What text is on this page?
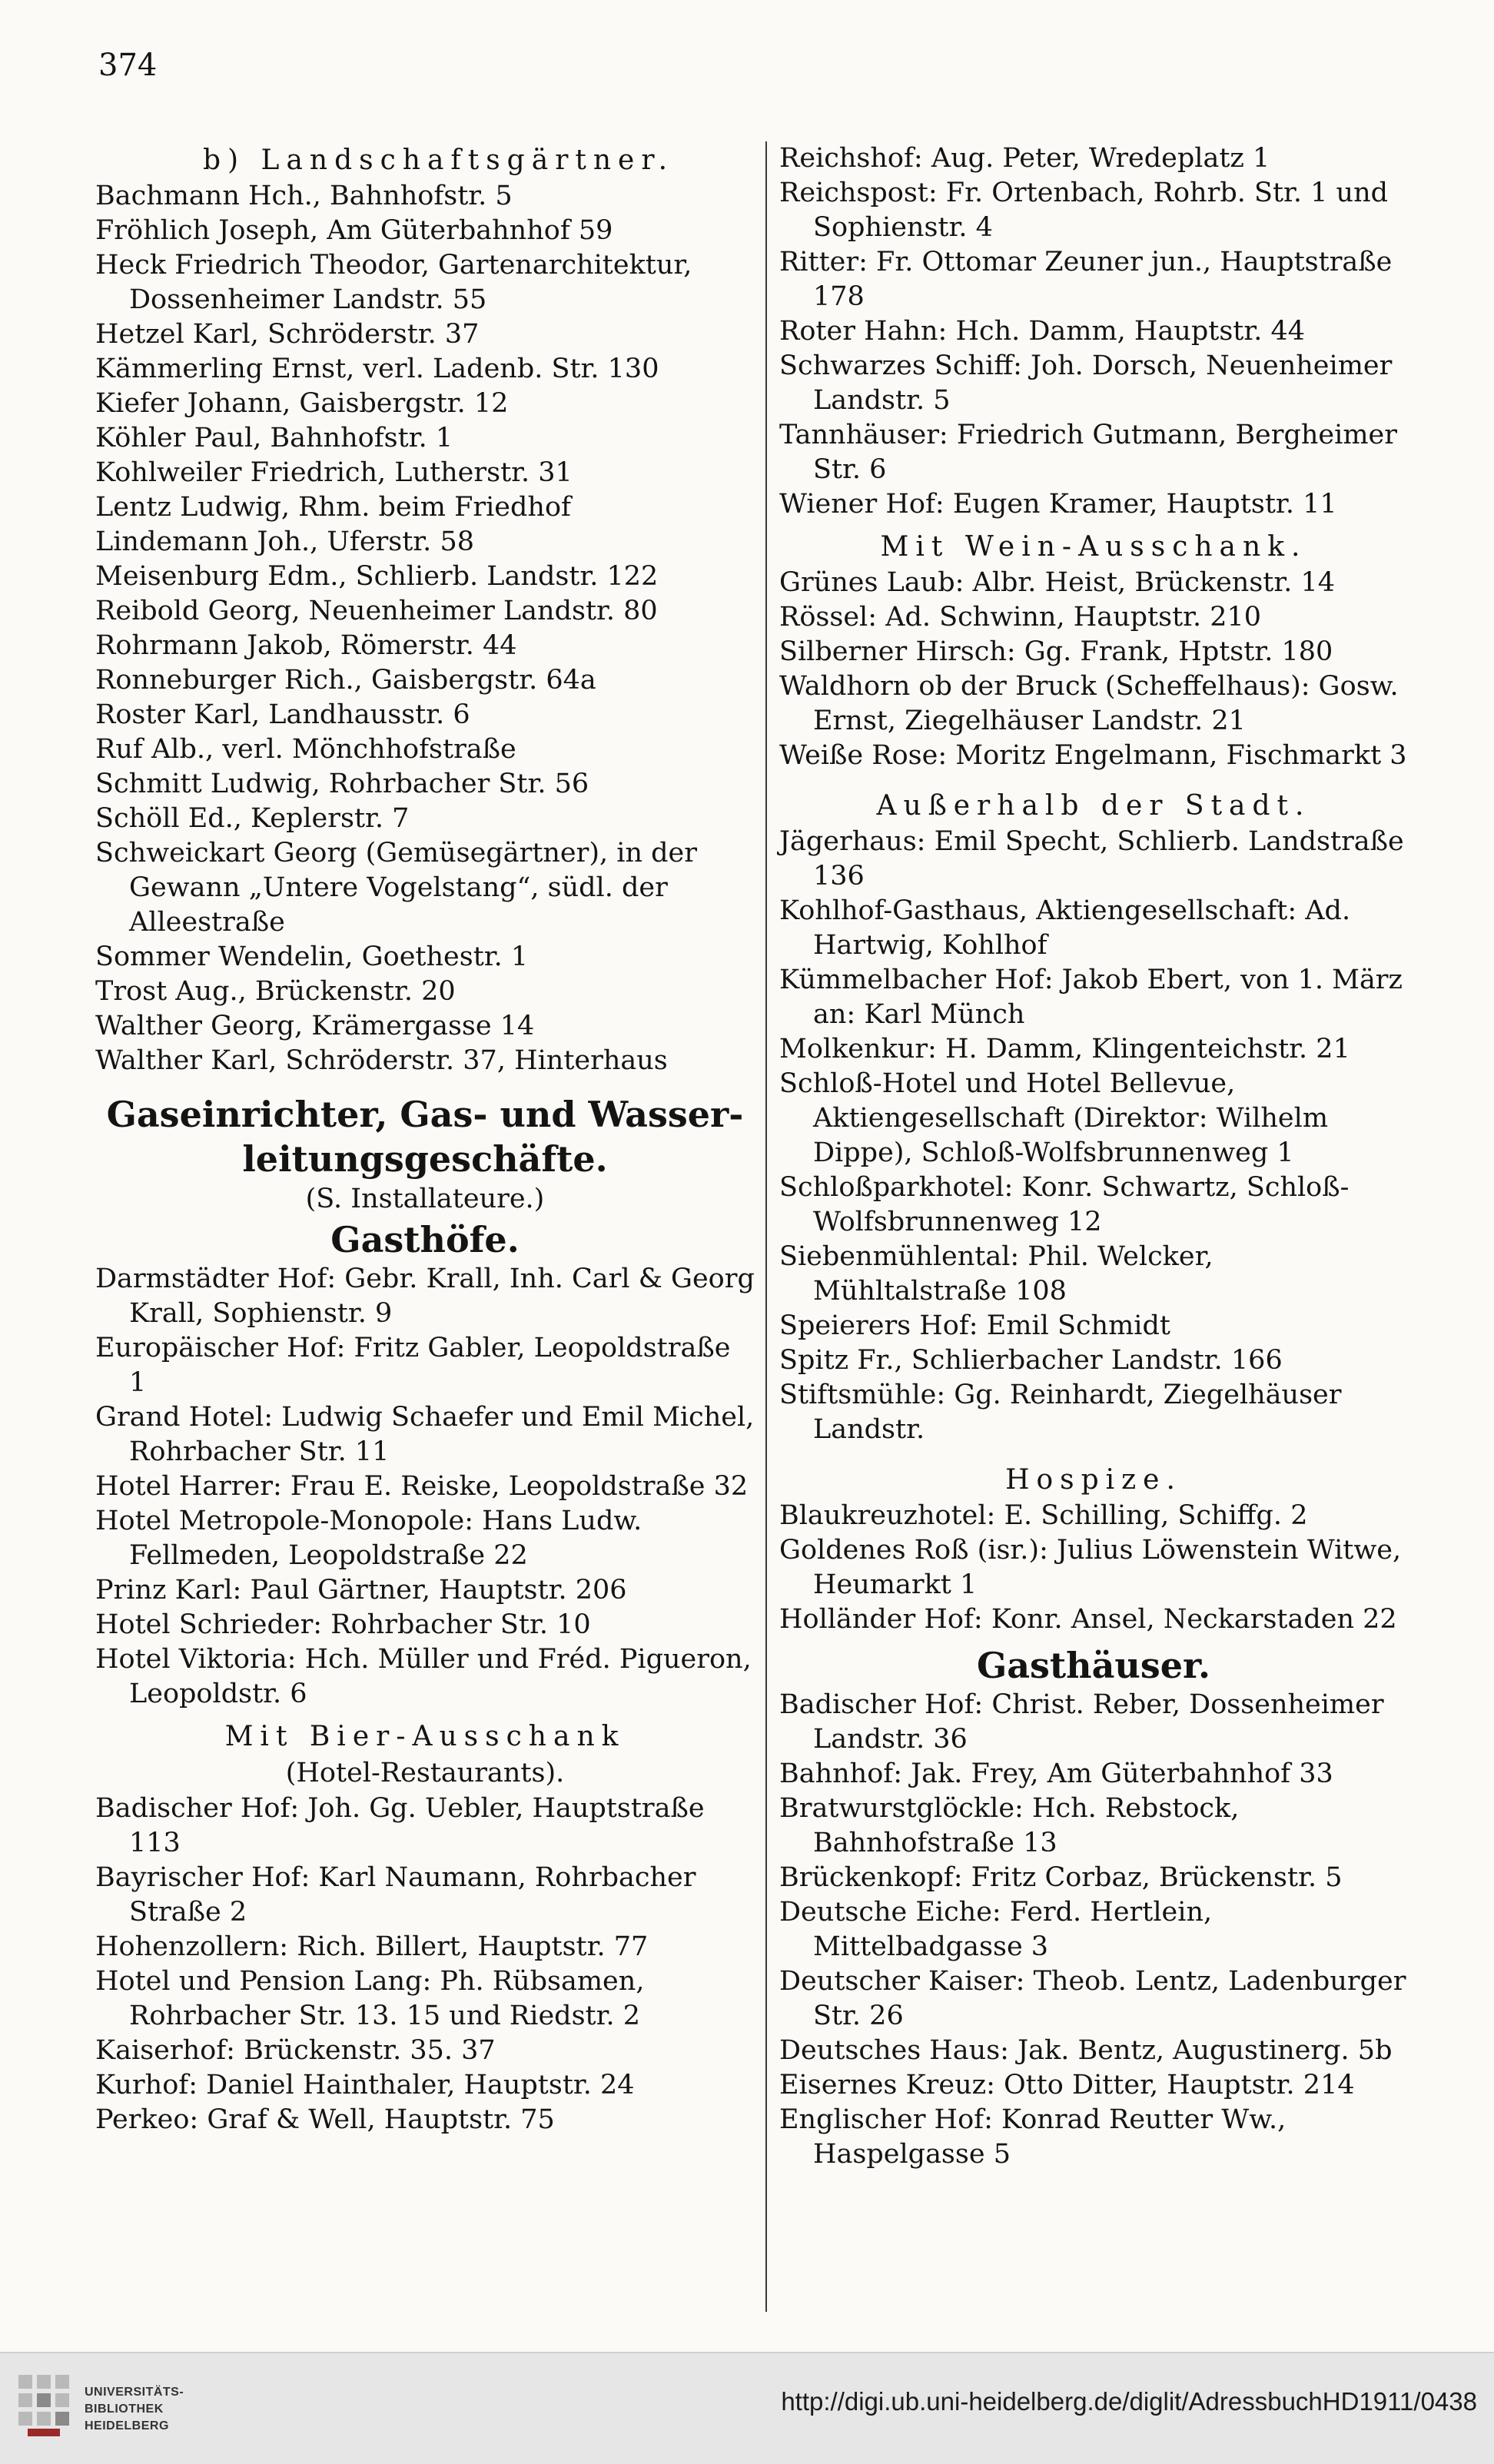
374
b) Landschaftsgärtner.
Bachmann Hch., Bahnhofstr. 5
Fröhlich Joseph, Am Güterbahnhof 59
Heck Friedrich Theodor, Gartenarchitektur, Dossenheimer Landstr. 55
Hetzel Karl, Schröderstr. 37
Kämmerling Ernst, verl. Ladenb. Str. 130
Kiefer Johann, Gaisbergstr. 12
Köhler Paul, Bahnhofstr. 1
Kohlweiler Friedrich, Lutherstr. 31
Lentz Ludwig, Rhm. beim Friedhof
Lindemann Joh., Uferstr. 58
Meisenburg Edm., Schlierb. Landstr. 122
Reibold Georg, Neuenheimer Landstr. 80
Rohrmann Jakob, Römerstr. 44
Ronneburger Rich., Gaisbergstr. 64a
Roster Karl, Landhausstr. 6
Ruf Alb., verl. Mönchhofstraße
Schmitt Ludwig, Rohrbacher Str. 56
Schöll Ed., Keplerstr. 7
Schweickart Georg (Gemüsegärtner), in der Gewann „Untere Vogelstang“, südl. der Alleestraße
Sommer Wendelin, Goethestr. 1
Trost Aug., Brückenstr. 20
Walther Georg, Krämergasse 14
Walther Karl, Schröderstr. 37, Hinterhaus
Gaseinrichter, Gas- und Wasser-
leitungsgeschäfte.
(S. Installateure.)
Gasthöfe.
Darmstädter Hof: Gebr. Krall, Inh. Carl & Georg Krall, Sophienstr. 9
Europäischer Hof: Fritz Gabler, Leopoldstraße 1
Grand Hotel: Ludwig Schaefer und Emil Michel, Rohrbacher Str. 11
Hotel Harrer: Frau E. Reiske, Leopoldstraße 32
Hotel Metropole-Monopole: Hans Ludw. Fellmeden, Leopoldstraße 22
Prinz Karl: Paul Gärtner, Hauptstr. 206
Hotel Schrieder: Rohrbacher Str. 10
Hotel Viktoria: Hch. Müller und Fréd. Pigueron, Leopoldstr. 6
Mit Bier-Ausschank
(Hotel-Restaurants).
Badischer Hof: Joh. Gg. Uebler, Hauptstraße 113
Bayrischer Hof: Karl Naumann, Rohrbacher Straße 2
Hohenzollern: Rich. Billert, Hauptstr. 77
Hotel und Pension Lang: Ph. Rübsamen, Rohrbacher Str. 13. 15 und Riedstr. 2
Kaiserhof: Brückenstr. 35. 37
Kurhof: Daniel Hainthaler, Hauptstr. 24
Perkeo: Graf & Well, Hauptstr. 75
Reichshof: Aug. Peter, Wredeplatz 1
Reichspost: Fr. Ortenbach, Rohrb. Str. 1 und Sophienstr. 4
Ritter: Fr. Ottomar Zeuner jun., Hauptstraße 178
Roter Hahn: Hch. Damm, Hauptstr. 44
Schwarzes Schiff: Joh. Dorsch, Neuenheimer Landstr. 5
Tannhäuser: Friedrich Gutmann, Bergheimer Str. 6
Wiener Hof: Eugen Kramer, Hauptstr. 11
Mit Wein-Ausschank.
Grünes Laub: Albr. Heist, Brückenstr. 14
Rössel: Ad. Schwinn, Hauptstr. 210
Silberner Hirsch: Gg. Frank, Hptstr. 180
Waldhorn ob der Bruck (Scheffelhaus): Gosw. Ernst, Ziegelhäuser Landstr. 21
Weiße Rose: Moritz Engelmann, Fischmarkt 3
Außerhalb der Stadt.
Jägerhaus: Emil Specht, Schlierb. Landstraße 136
Kohlhof-Gasthaus, Aktiengesellschaft: Ad. Hartwig, Kohlhof
Kümmelbacher Hof: Jakob Ebert, von 1. März an: Karl Münch
Molkenkur: H. Damm, Klingenteichstr. 21
Schloß-Hotel und Hotel Bellevue, Aktiengesellschaft (Direktor: Wilhelm Dippe), Schloß-Wolfsbrunnenweg 1
Schloßparkhotel: Konr. Schwartz, Schloß-Wolfsbrunnenweg 12
Siebenmühlental: Phil. Welcker, Mühltalstraße 108
Speierers Hof: Emil Schmidt
Spitz Fr., Schlierbacher Landstr. 166
Stiftsmühle: Gg. Reinhardt, Ziegelhäuser Landstr.
Hospize.
Blaukreuzhotel: E. Schilling, Schiffg. 2
Goldenes Roß (isr.): Julius Löwenstein Witwe, Heumarkt 1
Holländer Hof: Konr. Ansel, Neckarstaden 22
Gasthäuser.
Badischer Hof: Christ. Reber, Dossenheimer Landstr. 36
Bahnhof: Jak. Frey, Am Güterbahnhof 33
Bratwurstglöckle: Hch. Rebstock, Bahnhofstraße 13
Brückenkopf: Fritz Corbaz, Brückenstr. 5
Deutsche Eiche: Ferd. Hertlein, Mittelbadgasse 3
Deutscher Kaiser: Theob. Lentz, Ladenburger Str. 26
Deutsches Haus: Jak. Bentz, Augustinerg. 5b
Eisernes Kreuz: Otto Ditter, Hauptstr. 214
Englischer Hof: Konrad Reutter Ww., Haspelgasse 5
UNIVERSITÄTS-
BIBLIOTHEK
HEIDELBERG
http://digi.ub.uni-heidelberg.de/diglit/AdressbuchHD1911/0438
